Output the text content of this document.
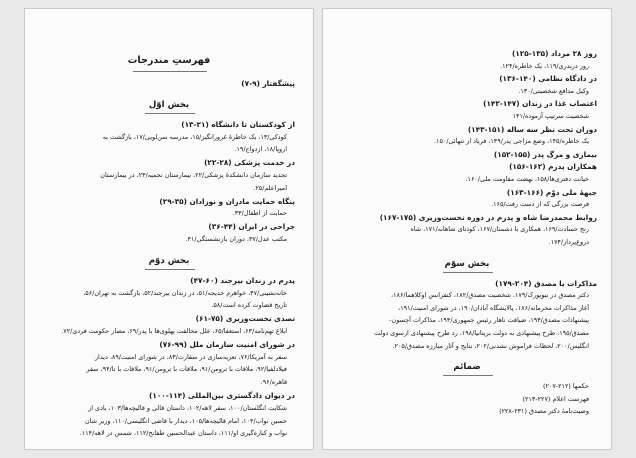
فهرستِ مندرجات
پیشگفتار (۹-۷)
بخش اوّل
از کودکستان تا دانشگاه (۲۱-۱۳)
کودکی/۱۳، یک خاطرهٔ غرورانگیز/۱۵، مدرسه سن‌لویی/۱۷، بازگشت به
اروپا/۱۸، ازدواج/۱۹.
در خدمت پزشکی (۲۸-۲۲)
تجدید سازمان دانشکدهٔ پزشکی/۲۲، بیمارستان نجمیه/۲۳، در بیمارستان
امیراعلم/۲۵.
بنگاه حمایت مادران و نوزادان (۳۵-۲۹)
حمایت از اطفال/۳۳.
جراحی در ایران (۴۴-۳۶)
مکتب عدل/۳۷، دوران بازنشستگی/۴۱.
بخش دوّم
پدرم در زندان بیرجند (۶۰-۴۷)
خانه‌نشینی/۴۷، خواهرم خدیجه/۵۱، در زندان بیرجند/۵۲، بازگشت به تهران/۵۶،
تاریخ قضاوت کرده است/۵۸.
تصدی نخست‌وزیری (۷۵-۶۱)
ابلاغ تهم‌نامه/۶۳، استعفا/۶۵، علل مخالفت پهلوی‌ها با پدر/۶۹، مصار حکومت فردی/۷۲.
در شورای امنیت سازمان ملل (۹۹-۷۶)
سفر به آمریکا/۷۶، تعزیه‌سازی در سفارت/۸۳، در شورای امنیت/۸۹، دیدار
فیلادلفیا/۹۲، ملاقات با ترومن/۹۱، ملاقات با ترومن/۹۱، ملاقات با تا/۹۴، سفر
قاهره/۹۶.
در دیوان دادگستری بین‌المللی (۱۱۴-۱۰۰)
شکایت انگلستان/۱۰۰، سفر لاهه/۱۰۲، داستان قالی و قالیچه‌ها/۱۰۳، بادی از
حسین نواب/۱۰۴، امام قالیچه‌ها/۱۰۵، دیدار با قاضی انگلیسی/۱۱۰، وزیر شان
نواب و کناره‌گیری او/۱۱۱، داستان عبدالحسین طفانح/۱۱۲، شمس در لاهه/۱۱۴.
روز ۲۸ مرداد (۱۳۵-۱۲۵)
روز دربدری/۱۱۹، یک خاطره/۱۲۴.
در دادگاه نظامی (۱۴۰-۱۳۶)
وکیل مدافع شخصیتی/۱۳۰.
اعتصاب غذا در زندان (۱۴۷-۱۴۲)
شخصیت سرتیپ آزموده/۱۴۱
دوران تحت نظر سه ساله (۱۵۱-۱۴۳)
یک خاطره/۱۴۵، وضع مزاجی پدر/۱۴۹، فریاد از تنهائی/۱۵۰.
بیماری و مرگ پدر (۱۵۵-۱۵۲)
همکاران پدرم (۱۶۲-۱۵۶)
خیانت دفتری‌ها/۱۵۸، نهضت مقاومت ملی/۱۶۰.
جبههٔ ملی دوّم (۱۶۶-۱۶۳)
فرصت بزرگی که از دست رفت/۱۶۵.
روابط محمدرضا شاه و پدرم در دوره نخست‌وزیری (۱۷۵-۱۶۷)
رنج حسادت/۱۶۹، همکاری با دشمنان/۱۶۷، کودتای شاهانه/۱۷۱، شاه
دروغ‌پرداز/۱۷۴.
بخش سوّم
مذاکرات با مصدق (۲۰۴-۱۷۹)
دکتر مصدق در نیویورک/۱۷۹، شخصیت مصدق/۱۸۲، کنفرانس اوکلاهما/۱۸۶،
آغاز مذاکرات محرمانه/۱۸۶، پالایشگاه آبادان/۱۹۰، در شورای امنیت/۱۹۱،
پیشنهادات مصدق/۱۹۴، ضیافت ناهار رئیس جمهوری/۱۹۴، مذاکرات آچسون-
مصدق/۱۹۵، طرح پیشنهادی به دولت بریتانیا/۱۹۸، رد طرح پیشنهادی ازسوی دولت
انگلیس/۲۰۰، لحظات فراموش نشدنی/۲۰۲، نتایج و آثار مبارزه مصدق/۲۰۵.
ضمائم
حکمها (۲۱۲-۲۰۷)
فهرست اعلام (۲۲۷-۲۱۳)
وصیت‌نامهٔ دکتر مصدق (۲۳۱-۲۲۸)
